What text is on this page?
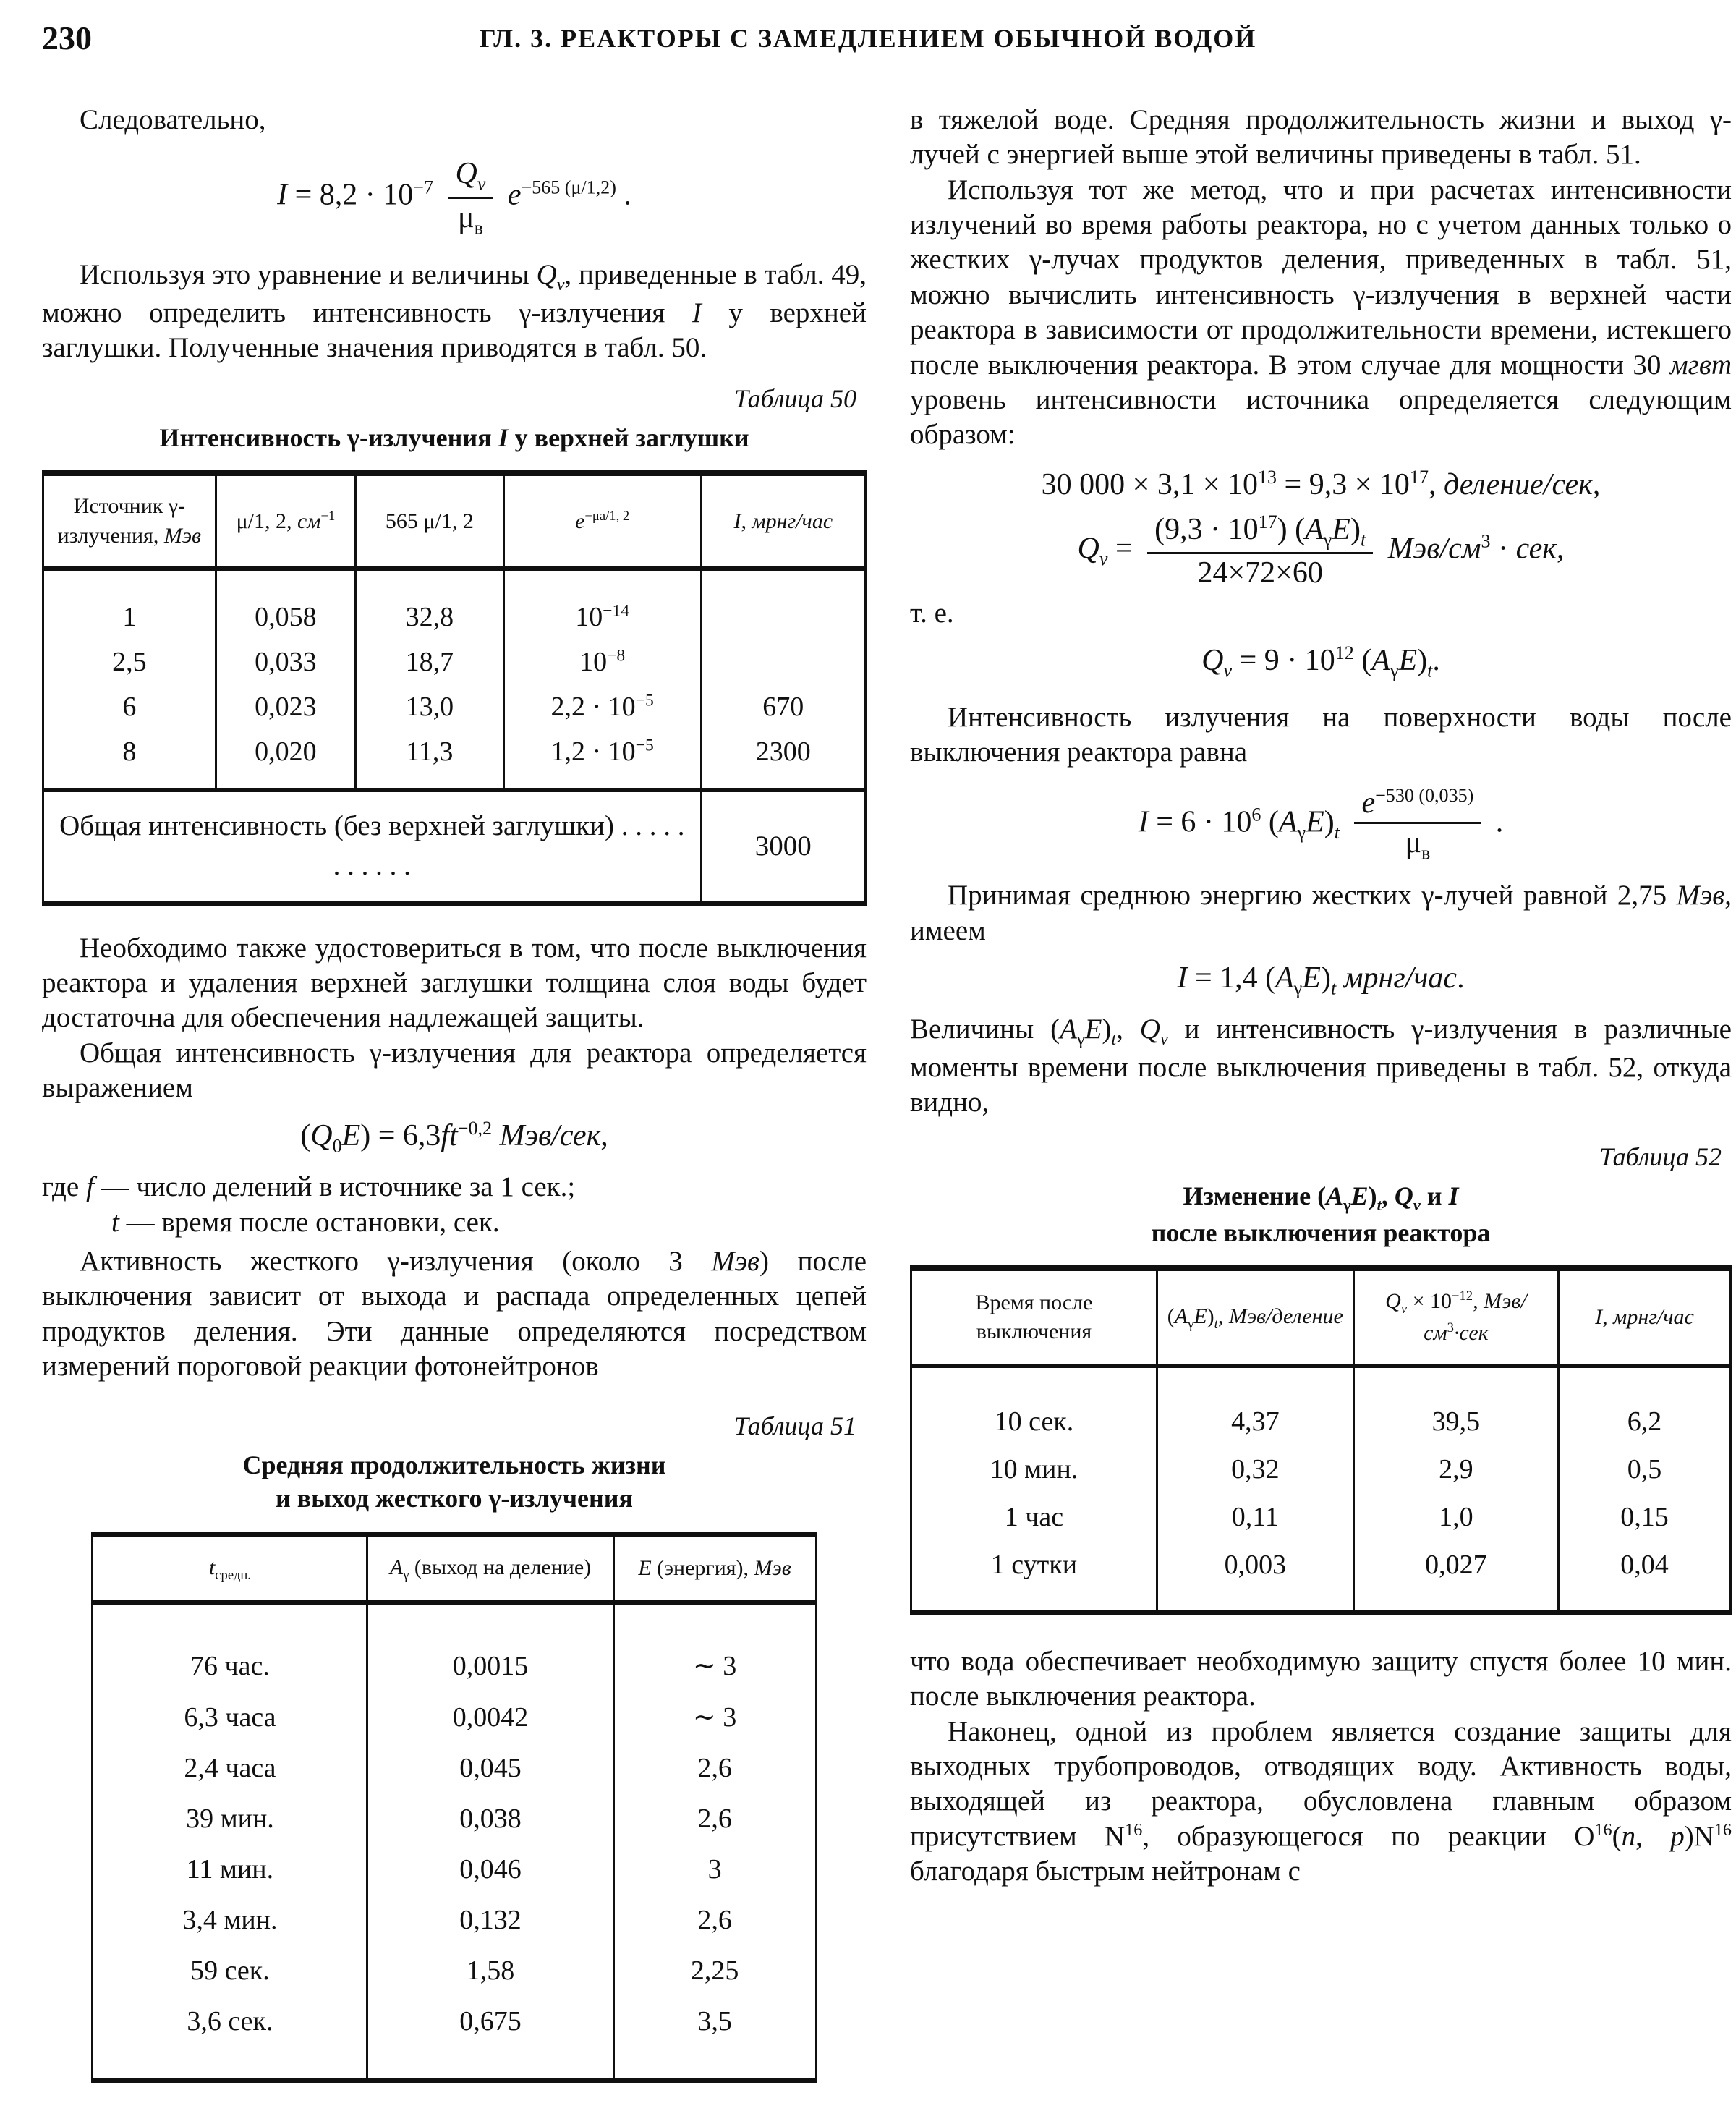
230	ГЛ. 3. РЕАКТОРЫ С ЗАМЕДЛЕНИЕМ ОБЫЧНОЙ ВОДОЙ

Следовательно,

$I = 8,2 \cdot 10^{-7} \frac{Q_v}{\mu_в} e^{-565 (\mu/1,2)}$ .

Используя это уравнение и величины $Q_v$, приведенные в табл. 49, можно определить интенсивность γ-излучения I у верхней заглушки. Полученные значения приводятся в табл. 50.

Таблица 50
Интенсивность γ-излучения I у верхней заглушки
Источник γ-излучения, Мэв	μ/1, 2, $см^{-1}$	565 μ/1, 2	$e^{-\mu а/1, 2}$	I, мрнг/час
1	0,058	32,8	$10^{-14}$	
2,5	0,033	18,7	$10^{-8}$	
6	0,023	13,0	$2,2 \cdot 10^{-5}$	670
8	0,020	11,3	$1,2 \cdot 10^{-5}$	2300
Общая интенсивность (без верхней заглушки) . . . . . . . . . . .				3000

Необходимо также удостовериться в том, что после выключения реактора и удаления верхней заглушки толщина слоя воды будет достаточна для обеспечения надлежащей защиты.

Общая интенсивность γ-излучения для реактора определяется выражением

$(Q_0E) = 6,3ft^{-0,2}$ Мэв/сек,

где f — число делений в источнике за 1 сек.;

t — время после остановки, сек.

Активность жесткого γ-излучения (около 3 Мэв) после выключения зависит от выхода и распада определенных цепей продуктов деления. Эти данные определяются посредством измерений пороговой реакции фотонейтронов

Таблица 51
Средняя продолжительность жизни
и выход жесткого γ-излучения
$t_{средн.}$	$A_\gamma$ (выход на деление)	E (энергия), Мэв
76 час.	0,0015	∼ 3
6,3 часа	0,0042	∼ 3
2,4 часа	0,045	2,6
39 мин.	0,038	2,6
11 мин.	0,046	3
3,4 мин.	0,132	2,6
59 сек.	1,58	2,25
3,6 сек.	0,675	3,5

в тяжелой воде. Средняя продолжительность жизни и выход γ-лучей с энергией выше этой величины приведены в табл. 51.

Используя тот же метод, что и при расчетах интенсивности излучений во время работы реактора, но с учетом данных только о жестких γ-лучах продуктов деления, приведенных в табл. 51, можно вычислить интенсивность γ-излучения в верхней части реактора в зависимости от продолжительности времени, истекшего после выключения реактора. В этом случае для мощности 30 мгвт уровень интенсивности источника определяется следующим образом:

30 $000 \times 3,1 \times 10^{13} = 9,3 \times 10^{17}$, деление/сек,
$Q_v = \frac{(9,3 \cdot 10^{17}) (A_\gamma E)_t}{24\times 72\times 60} Мэв/см^3$ · сек,

т. е.

$Q_v = 9 \cdot 10^{12}$ $(A_\gamma E)_t$.

Интенсивность излучения на поверхности воды после выключения реактора равна

$I = 6 \cdot 10^6$ $(A_\gamma E)_t \frac{e^{-530 (0,035)}}{\mu_в}$ .

Принимая среднюю энергию жестких γ-лучей равной 2,75 Мэв, имеем

I = 1,4 $(A_\gamma E)_t$ мрнг/час.

Величины $(A_\gamma E)_t$, $Q_v$ и интенсивность γ-излучения в различные моменты времени после выключения приведены в табл. 52, откуда видно,

Таблица 52
Изменение $(A_\gamma E)_t$, $Q_v$ и I
после выключения реактора
Время после выключения	$(A_\gamma E)_t$, Мэв/деление	$Q_v \times 10^{-12}$, Мэв/$см^3\cdot сек$	I, мрнг/час
10 сек.	4,37	39,5	6,2
10 мин.	0,32	2,9	0,5
1 час	0,11	1,0	0,15
1 сутки	0,003	0,027	0,04

что вода обеспечивает необходимую защиту спустя более 10 мин. после выключения реактора.

Наконец, одной из проблем является создание защиты для выходных трубопроводов, отводящих воду. Активность воды, выходящей из реактора, обусловлена главным образом присутствием $N^{16}$, образующегося по реакции $O^{16}(n$, $p)N^{16}$ благодаря быстрым нейтронам с
